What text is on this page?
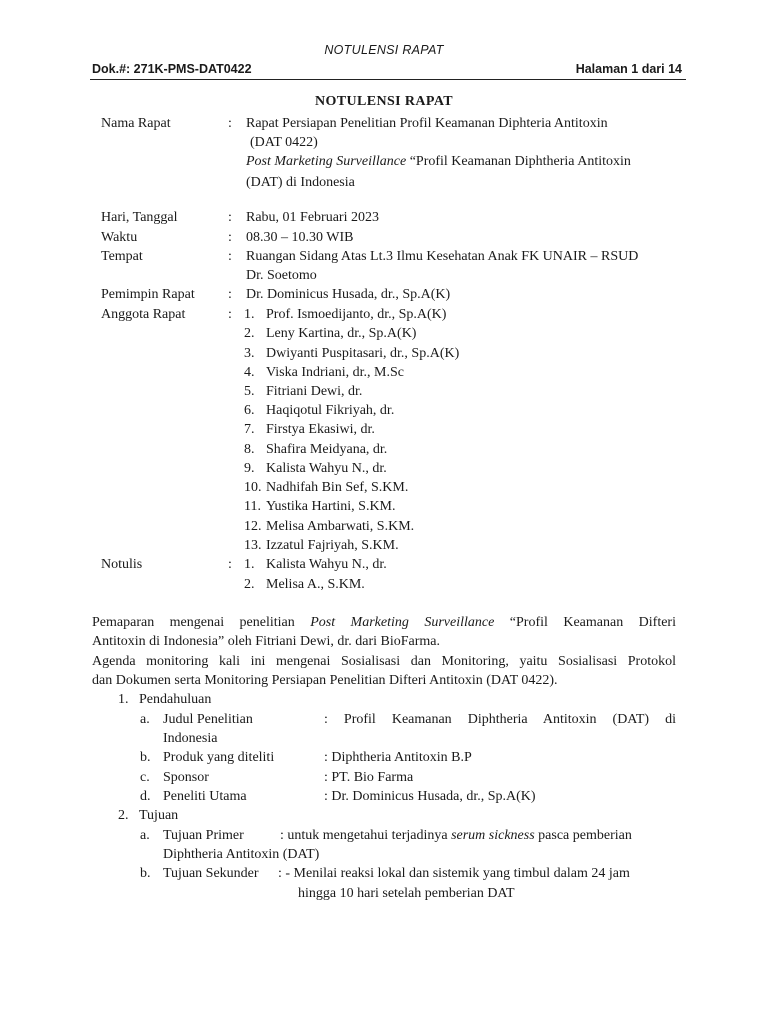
NOTULENSI RAPAT
Dok.#: 271K-PMS-DAT0422	Halaman 1 dari 14
NOTULENSI RAPAT
Nama Rapat	: Rapat Persiapan Penelitian Profil Keamanan Diphteria Antitoxin
(DAT 0422)
Post Marketing Surveillance “Profil Keamanan Diphtheria Antitoxin
(DAT) di Indonesia
Hari, Tanggal	: Rabu, 01 Februari 2023
Waktu	: 08.30 – 10.30 WIB
Tempat	: Ruangan Sidang Atas Lt.3 Ilmu Kesehatan Anak FK UNAIR – RSUD
Dr. Soetomo
Pemimpin Rapat : Dr. Dominicus Husada, dr., Sp.A(K)
Anggota Rapat	: 1. Prof. Ismoedijanto, dr., Sp.A(K)
2. Leny Kartina, dr., Sp.A(K)
3. Dwiyanti Puspitasari, dr., Sp.A(K)
4. Viska Indriani, dr., M.Sc
5. Fitriani Dewi, dr.
6. Haqiqotul Fikriyah, dr.
7. Firstya Ekasiwi, dr.
8. Shafira Meidyana, dr.
9. Kalista Wahyu N., dr.
10. Nadhifah Bin Sef, S.KM.
11. Yustika Hartini, S.KM.
12. Melisa Ambarwati, S.KM.
13. Izzatul Fajriyah, S.KM.
Notulis	: 1. Kalista Wahyu N., dr.
2. Melisa A., S.KM.
Pemaparan mengenai penelitian Post Marketing Surveillance “Profil Keamanan Difteri
Antitoxin di Indonesia” oleh Fitriani Dewi, dr. dari BioFarma.
Agenda monitoring kali ini mengenai Sosialisasi dan Monitoring, yaitu Sosialisasi Protokol
dan Dokumen serta Monitoring Persiapan Penelitian Difteri Antitoxin (DAT 0422).
1. Pendahuluan
a. Judul Penelitian	: Profil Keamanan Diphtheria Antitoxin (DAT) di
Indonesia
b. Produk yang diteliti	: Diphtheria Antitoxin B.P
c. Sponsor	: PT. Bio Farma
d. Peneliti Utama	: Dr. Dominicus Husada, dr., Sp.A(K)
2. Tujuan
a. Tujuan Primer	: untuk mengetahui terjadinya serum sickness pasca pemberian
Diphtheria Antitoxin (DAT)
b. Tujuan Sekunder : - Menilai reaksi lokal dan sistemik yang timbul dalam 24 jam
hingga 10 hari setelah pemberian DAT
